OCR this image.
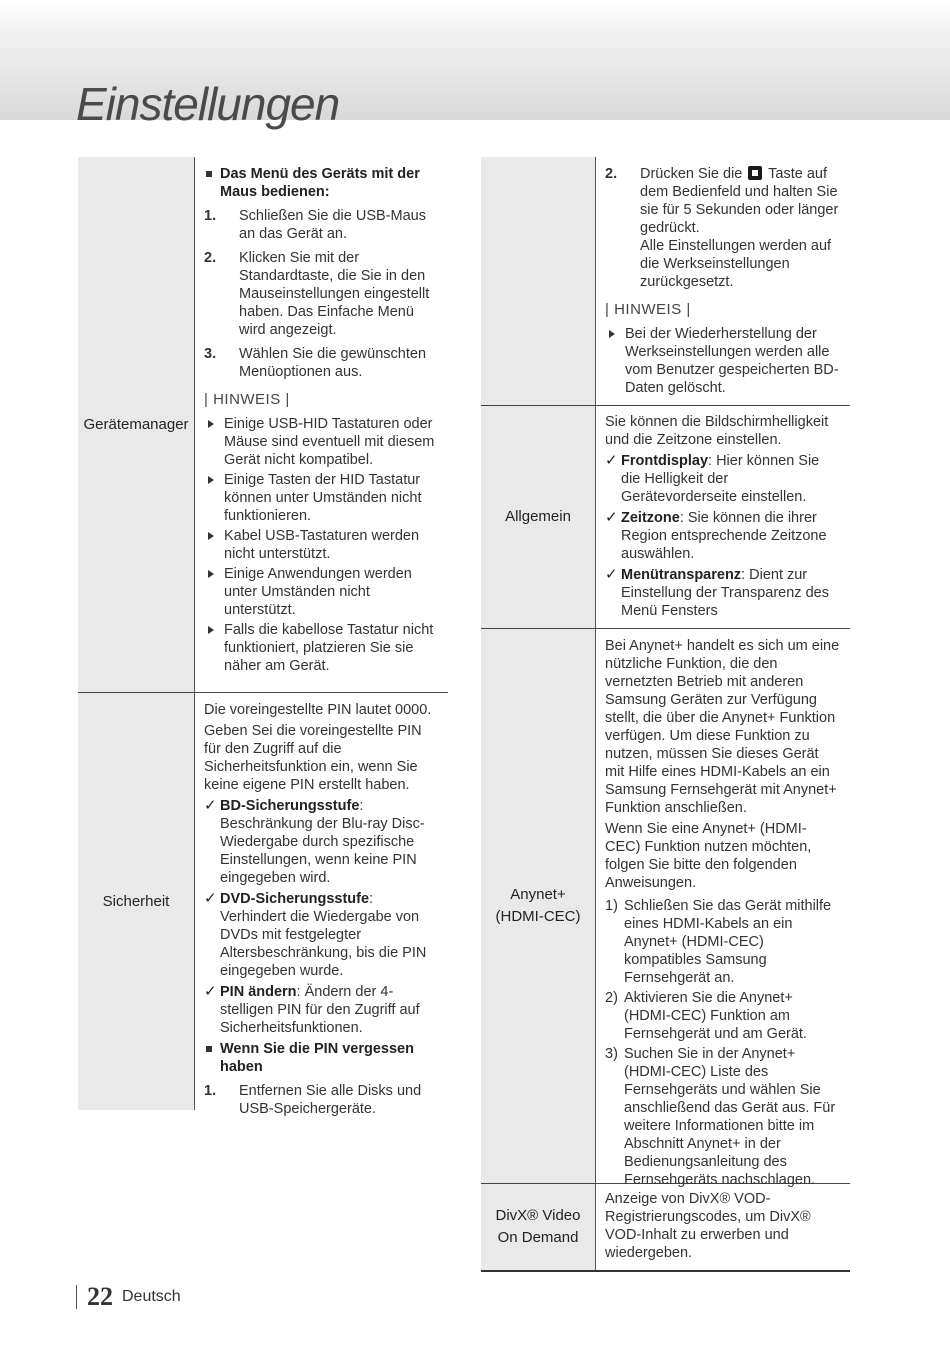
Einstellungen
Gerätemanager
Das Menü des Geräts mit der Maus bedienen:
1. Schließen Sie die USB-Maus an das Gerät an.
2. Klicken Sie mit der Standardtaste, die Sie in den Mauseinstellungen eingestellt haben. Das Einfache Menü wird angezeigt.
3. Wählen Sie die gewünschten Menüoptionen aus.
| HINWEIS |
Einige USB-HID Tastaturen oder Mäuse sind eventuell mit diesem Gerät nicht kompatibel.
Einige Tasten der HID Tastatur können unter Umständen nicht funktionieren.
Kabel USB-Tastaturen werden nicht unterstützt.
Einige Anwendungen werden unter Umständen nicht unterstützt.
Falls die kabellose Tastatur nicht funktioniert, platzieren Sie sie näher am Gerät.
Sicherheit

Die voreingestellte PIN lautet 0000.

Geben Sei die voreingestellte PIN für den Zugriff auf die Sicherheitsfunktion ein, wenn Sie keine eigene PIN erstellt haben.

✓ BD-Sicherungsstufe: Beschränkung der Blu-ray Disc-Wiedergabe durch spezifische Einstellungen, wenn keine PIN eingegeben wird.
✓ DVD-Sicherungsstufe: Verhindert die Wiedergabe von DVDs mit festgelegter Altersbeschränkung, bis die PIN eingegeben wurde.
✓ PIN ändern: Ändern der 4-stelligen PIN für den Zugriff auf Sicherheitsfunktionen.
Wenn Sie die PIN vergessen haben
1. Entfernen Sie alle Disks und USB-Speichergeräte.
2. Drücken Sie die Taste auf dem Bedienfeld und halten Sie sie für 5 Sekunden oder länger gedrückt.
Alle Einstellungen werden auf die Werkseinstellungen zurückgesetzt.
| HINWEIS |
Bei der Wiederherstellung der Werkseinstellungen werden alle vom Benutzer gespeicherten BD-Daten gelöscht.
Allgemein

Sie können die Bildschirmhelligkeit und die Zeitzone einstellen.

✓ Frontdisplay: Hier können Sie die Helligkeit der Gerätevorderseite einstellen.
✓ Zeitzone: Sie können die ihrer Region entsprechende Zeitzone auswählen.
✓ Menütransparenz: Dient zur Einstellung der Transparenz des Menü Fensters
Anynet+
(HDMI-CEC)

Bei Anynet+ handelt es sich um eine nützliche Funktion, die den vernetzten Betrieb mit anderen Samsung Geräten zur Verfügung stellt, die über die Anynet+ Funktion verfügen. Um diese Funktion zu nutzen, müssen Sie dieses Gerät mit Hilfe eines HDMI-Kabels an ein Samsung Fernsehgerät mit Anynet+ Funktion anschließen.

Wenn Sie eine Anynet+ (HDMI-CEC) Funktion nutzen möchten, folgen Sie bitte den folgenden Anweisungen.

1) Schließen Sie das Gerät mithilfe eines HDMI-Kabels an ein Anynet+ (HDMI-CEC) kompatibles Samsung Fernsehgerät an.
2) Aktivieren Sie die Anynet+ (HDMI-CEC) Funktion am Fernsehgerät und am Gerät.
3) Suchen Sie in der Anynet+ (HDMI-CEC) Liste des Fernsehgeräts und wählen Sie anschließend das Gerät aus. Für weitere Informationen bitte im Abschnitt Anynet+ in der Bedienungsanleitung des Fernsehgeräts nachschlagen.
DivX® Video
On Demand

Anzeige von DivX® VOD-Registrierungscodes, um DivX® VOD-Inhalt zu erwerben und wiedergeben.

22 Deutsch
